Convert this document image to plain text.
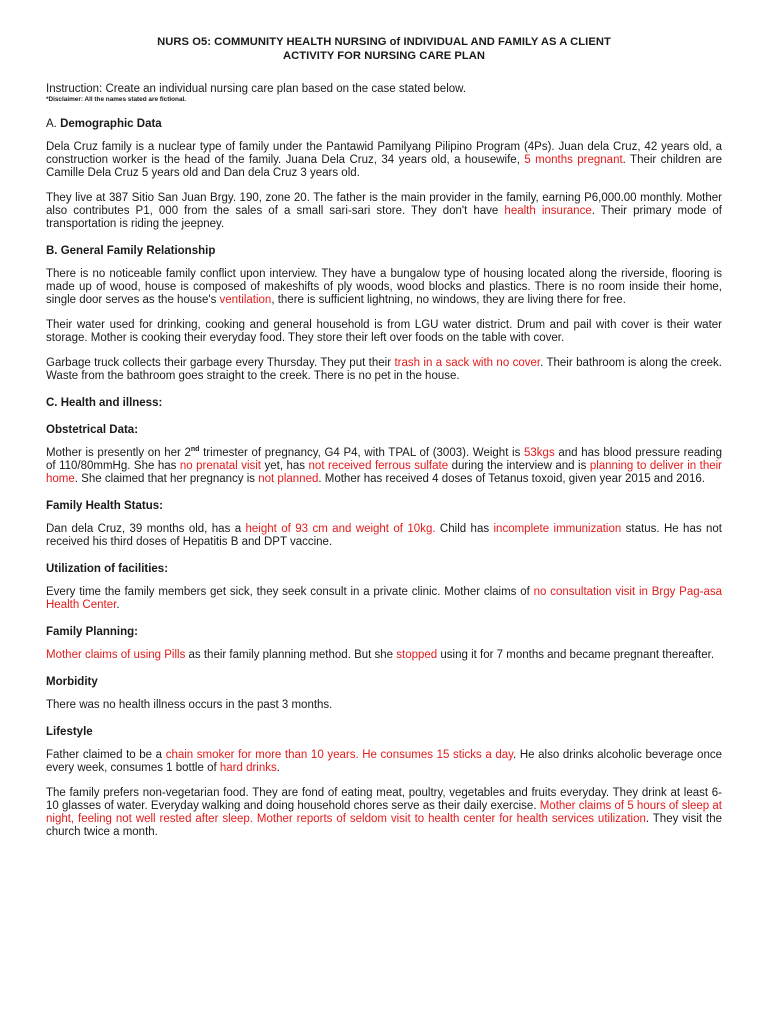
NURS O5: COMMUNITY HEALTH NURSING of INDIVIDUAL AND FAMILY AS A CLIENT
ACTIVITY FOR NURSING CARE PLAN
Instruction: Create an individual nursing care plan based on the case stated below.
*Disclaimer: All the names stated are fictional.
A. Demographic Data

Dela Cruz family is a nuclear type of family under the Pantawid Pamilyang Pilipino Program (4Ps). Juan dela Cruz, 42 years old, a construction worker is the head of the family. Juana Dela Cruz, 34 years old, a housewife, 5 months pregnant. Their children are Camille Dela Cruz 5 years old and Dan dela Cruz 3 years old.

They live at 387 Sitio San Juan Brgy. 190, zone 20. The father is the main provider in the family, earning P6,000.00 monthly. Mother also contributes P1, 000 from the sales of a small sari-sari store. They don't have health insurance. Their primary mode of transportation is riding the jeepney.

B. General Family Relationship

There is no noticeable family conflict upon interview. They have a bungalow type of housing located along the riverside, flooring is made up of wood, house is composed of makeshifts of ply woods, wood blocks and plastics. There is no room inside their home, single door serves as the house's ventilation, there is sufficient lightning, no windows, they are living there for free.

Their water used for drinking, cooking and general household is from LGU water district. Drum and pail with cover is their water storage. Mother is cooking their everyday food. They store their left over foods on the table with cover.

Garbage truck collects their garbage every Thursday. They put their trash in a sack with no cover. Their bathroom is along the creek. Waste from the bathroom goes straight to the creek. There is no pet in the house.

C. Health and illness:
Obstetrical Data:

Mother is presently on her 2nd trimester of pregnancy, G4 P4, with TPAL of (3003). Weight is 53kgs and has blood pressure reading of 110/80mmHg. She has no prenatal visit yet, has not received ferrous sulfate during the interview and is planning to deliver in their home. She claimed that her pregnancy is not planned. Mother has received 4 doses of Tetanus toxoid, given year 2015 and 2016.

Family Health Status:

Dan dela Cruz, 39 months old, has a height of 93 cm and weight of 10kg. Child has incomplete immunization status. He has not received his third doses of Hepatitis B and DPT vaccine.

Utilization of facilities:

Every time the family members get sick, they seek consult in a private clinic. Mother claims of no consultation visit in Brgy Pag-asa Health Center.

Family Planning:

Mother claims of using Pills as their family planning method. But she stopped using it for 7 months and became pregnant thereafter.

Morbidity

There was no health illness occurs in the past 3 months.

Lifestyle

Father claimed to be a chain smoker for more than 10 years. He consumes 15 sticks a day. He also drinks alcoholic beverage once every week, consumes 1 bottle of hard drinks.

The family prefers non-vegetarian food. They are fond of eating meat, poultry, vegetables and fruits everyday. They drink at least 6-10 glasses of water. Everyday walking and doing household chores serve as their daily exercise. Mother claims of 5 hours of sleep at night, feeling not well rested after sleep. Mother reports of seldom visit to health center for health services utilization. They visit the church twice a month.
